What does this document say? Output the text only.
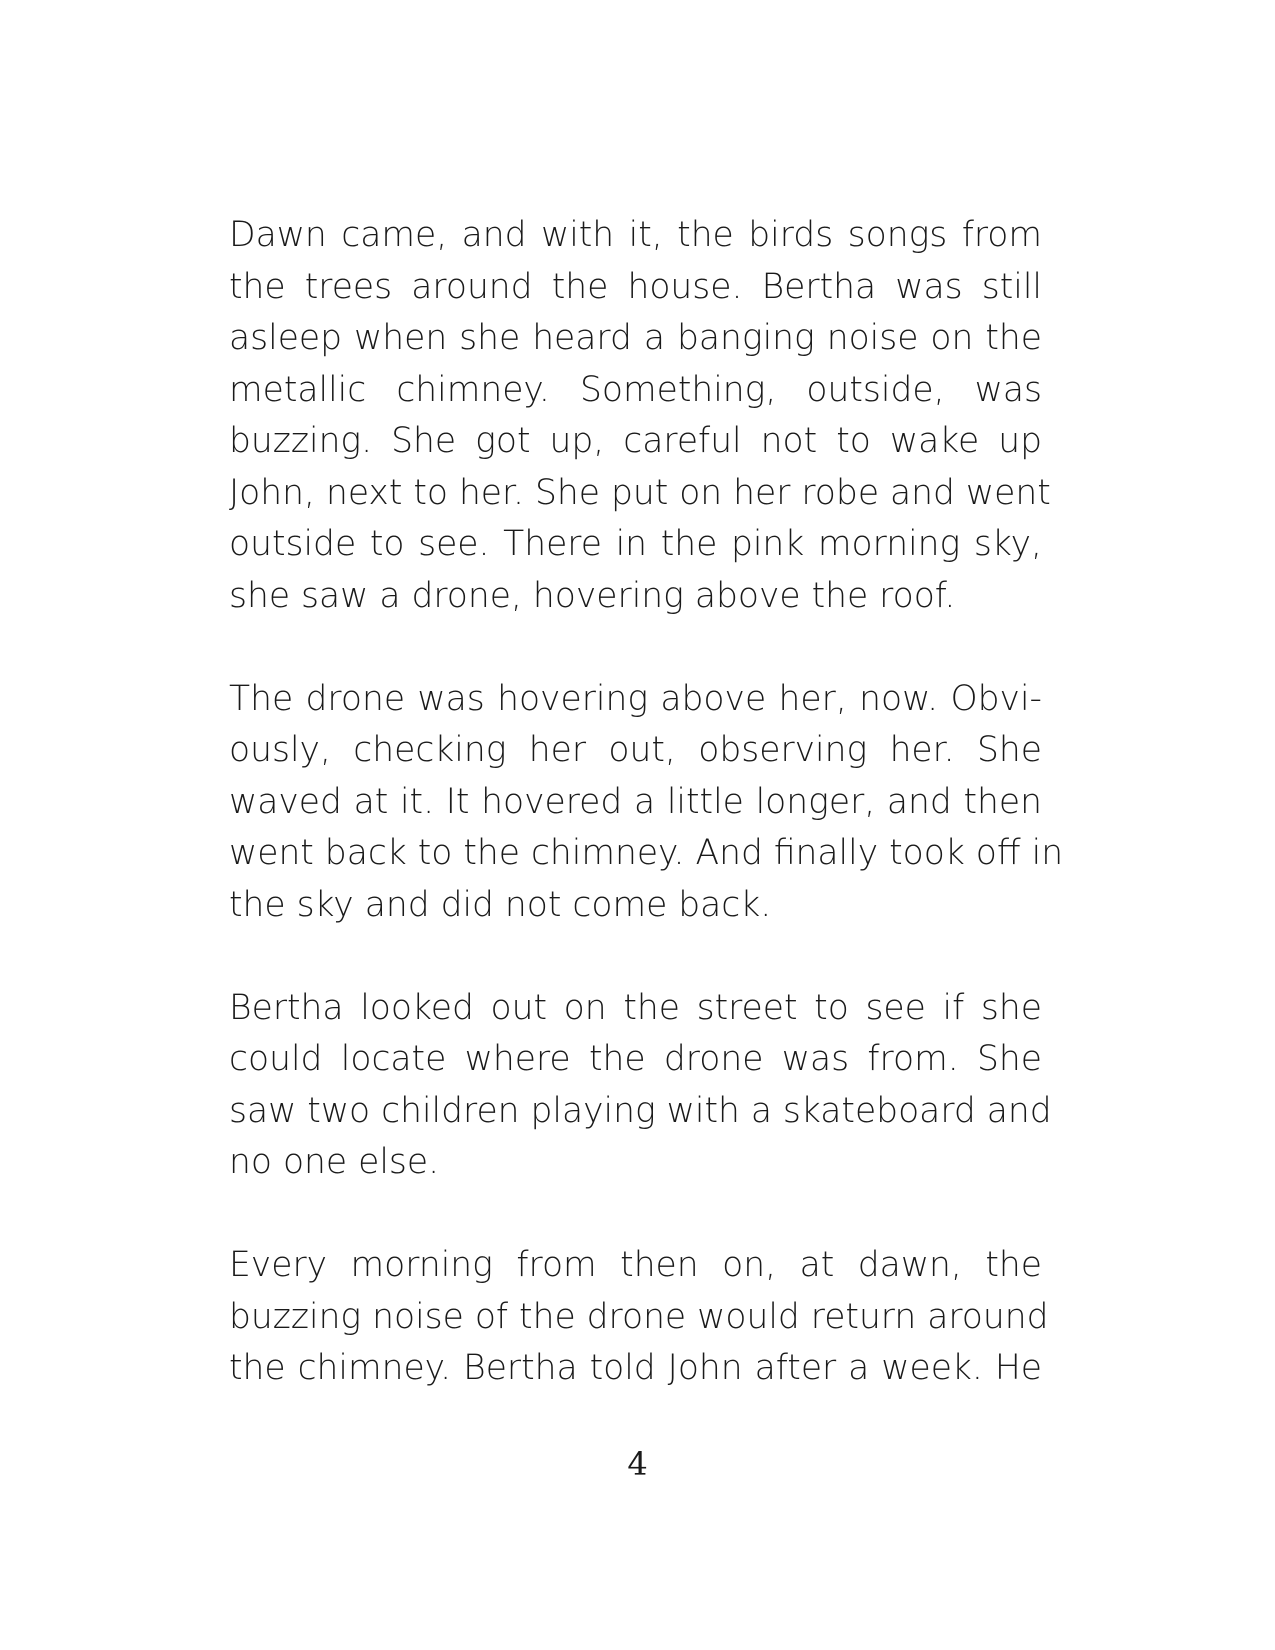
Dawn came, and with it, the birds songs from
the trees around the house. Bertha was still
asleep when she heard a banging noise on the
metallic chimney. Something, outside, was
buzzing. She got up, careful not to wake up
John, next to her. She put on her robe and went
outside to see. There in the pink morning sky,
she saw a drone, hovering above the roof.
The drone was hovering above her, now. Obvi-
ously, checking her out, observing her. She
waved at it. It hovered a little longer, and then
went back to the chimney. And finally took off in
the sky and did not come back.
Bertha looked out on the street to see if she
could locate where the drone was from. She
saw two children playing with a skateboard and
no one else.
Every morning from then on, at dawn, the
buzzing noise of the drone would return around
the chimney. Bertha told John after a week. He
4
